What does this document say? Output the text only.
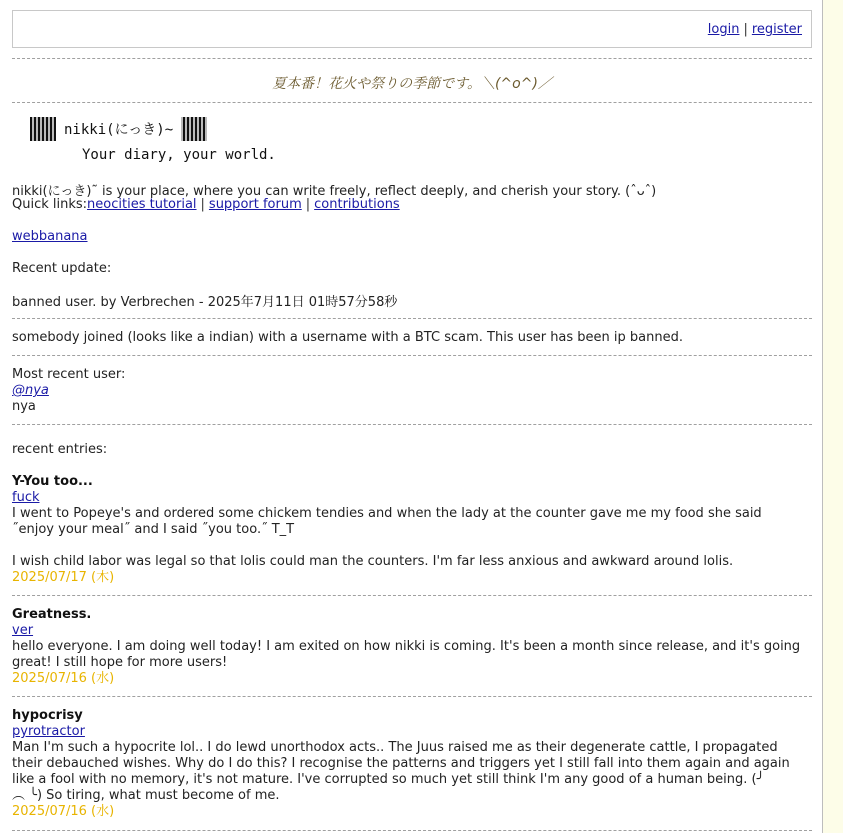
login | register
夏本番！花火や祭りの季節です。＼(^o^)／
nikki(にっき)~
Your diary, your world.
nikki(にっき)˜ is your place, where you can write freely, reflect deeply, and cherish your story. (ˆᴗˆ)
Quick links:neocities tutorial | support forum | contributions
webbanana
Recent update:
banned user. by Verbrechen - 2025年7月11日 01時57分58秒
somebody joined (looks like a indian) with a username with a BTC scam. This user has been ip banned.
Most recent user:
@nya
nya
recent entries:
Y-You too...
fuck
I went to Popeye's and ordered some chickem tendies and when the lady at the counter gave me my food she said
˝enjoy your meal˝ and I said ˝you too.˝ T_T
I wish child labor was legal so that lolis could man the counters. I'm far less anxious and awkward around lolis.
2025/07/17 (木)
Greatness.
ver
hello everyone. I am doing well today! I am exited on how nikki is coming. It's been a month since release, and it's going
great! I still hope for more users!
2025/07/16 (水)
hypocrisy
pyrotractor
Man I'm such a hypocrite lol.. I do lewd unorthodox acts.. The Juus raised me as their degenerate cattle, I propagated
their debauched wishes. Why do I do this? I recognise the patterns and triggers yet I still fall into them again and again
like a fool with no memory, it's not mature. I've corrupted so much yet still think I'm any good of a human being. (╯
︵ ╰) So tiring, what must become of me.
2025/07/16 (水)
